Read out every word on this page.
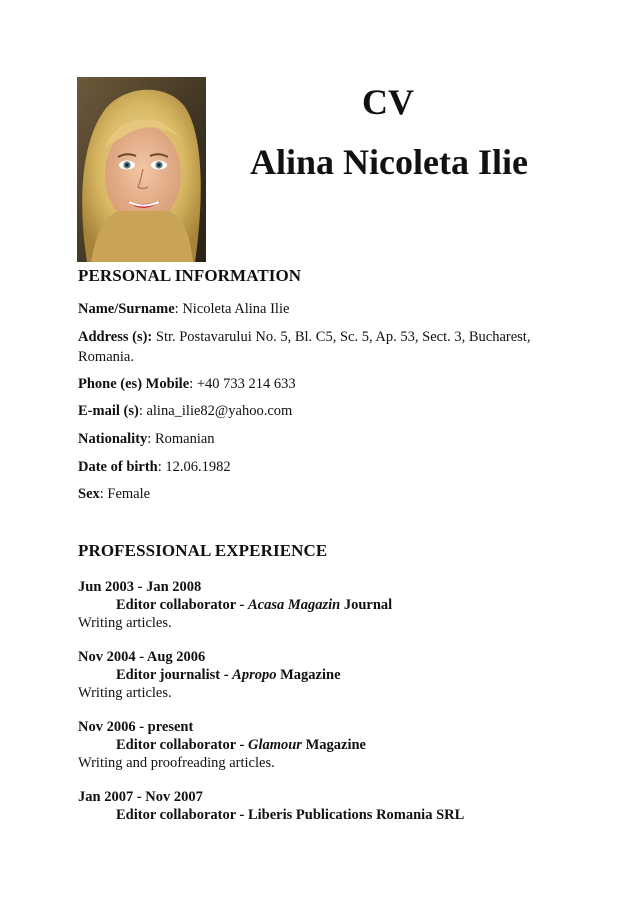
CV
Alina Nicoleta Ilie
PERSONAL INFORMATION
Name/Surname: Nicoleta Alina Ilie
Address (s): Str. Postavarului No. 5, Bl. C5, Sc. 5, Ap. 53, Sect. 3, Bucharest, Romania.
Phone (es) Mobile: +40 733 214 633
E-mail (s): alina_ilie82@yahoo.com
Nationality: Romanian
Date of birth: 12.06.1982
Sex: Female
PROFESSIONAL EXPERIENCE
Jun 2003 - Jan 2008
Editor collaborator - Acasa Magazin Journal
Writing articles.
Nov 2004 - Aug 2006
Editor journalist - Apropo Magazine
Writing articles.
Nov 2006 - present
Editor collaborator - Glamour Magazine
Writing and proofreading articles.
Jan 2007 - Nov 2007
Editor collaborator - Liberis Publications Romania SRL
